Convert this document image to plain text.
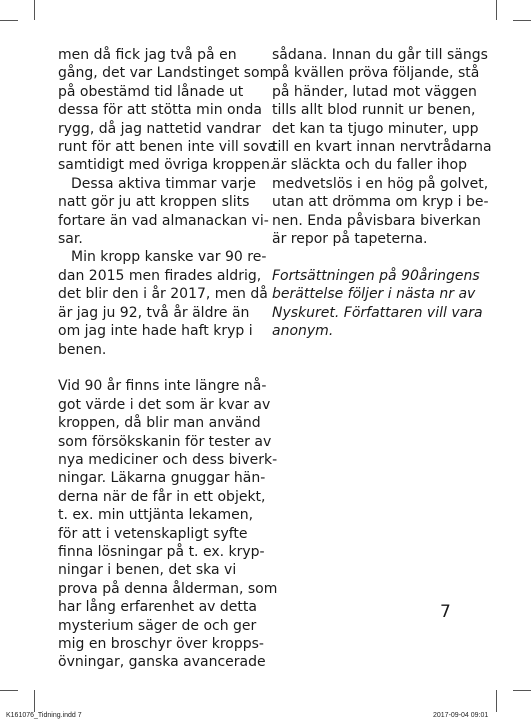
men då fick jag två på en
gång, det var Landstinget som
på obestämd tid lånade ut
dessa för att stötta min onda
rygg, då jag nattetid vandrar
runt för att benen inte vill sova
samtidigt med övriga kroppen.

Dessa aktiva timmar varje
natt gör ju att kroppen slits
fortare än vad almanackan vi-
sar.

Min kropp kanske var 90 re-
dan 2015 men firades aldrig,
det blir den i år 2017, men då
är jag ju 92, två år äldre än
om jag inte hade haft kryp i
benen.

Vid 90 år finns inte längre nå-
got värde i det som är kvar av
kroppen, då blir man använd
som försökskanin för tester av
nya mediciner och dess biverk-
ningar. Läkarna gnuggar hän-
derna när de får in ett objekt,
t. ex. min uttjänta lekamen,
för att i vetenskapligt syfte
finna lösningar på t. ex. kryp-
ningar i benen, det ska vi
prova på denna ålderman, som
har lång erfarenhet av detta
mysterium säger de och ger
mig en broschyr över kropps-
övningar, ganska avancerade

sådana. Innan du går till sängs
på kvällen pröva följande, stå
på händer, lutad mot väggen
tills allt blod runnit ur benen,
det kan ta tjugo minuter, upp
till en kvart innan nervtrådarna
är släckta och du faller ihop
medvetslös i en hög på golvet,
utan att drömma om kryp i be-
nen. Enda påvisbara biverkan
är repor på tapeterna.

Fortsättningen på 90åringens
berättelse följer i nästa nr av
Nyskuret. Författaren vill vara
anonym.

7
K161076_Tidning.indd 7	2017-09-04 09:01
